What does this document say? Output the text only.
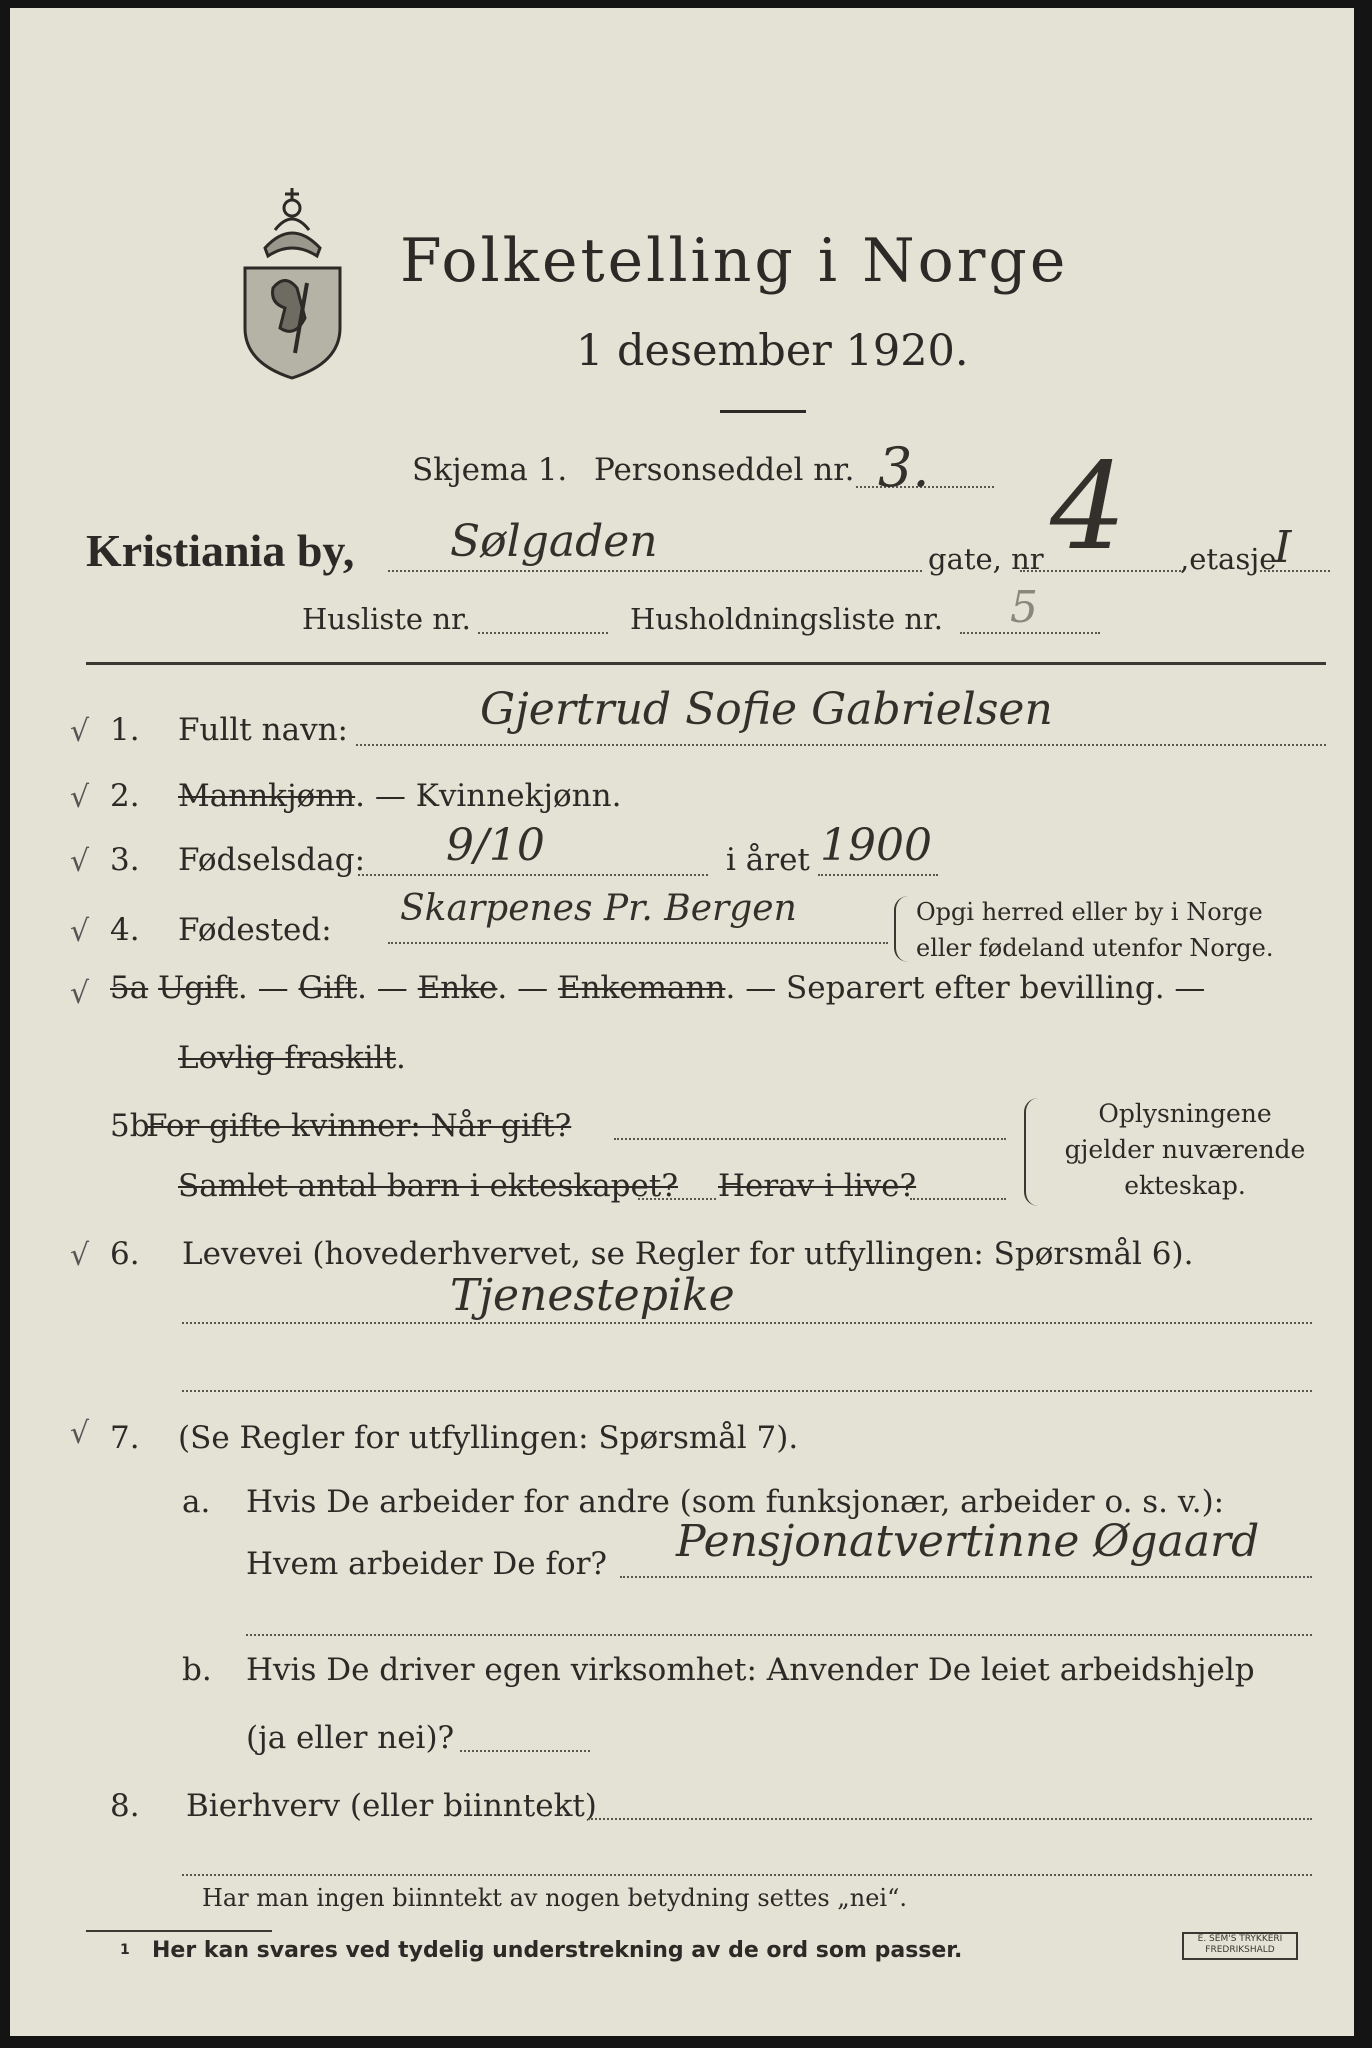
Folketelling i Norge
1 desember 1920.
Skjema 1. Personseddel nr. 3.
Kristiania by, Sølgaden	gate, nr 4 ,etasje
I
Husliste nr.	Husholdningsliste nr. 5
√ 1. Fullt navn:	Gjertrud Sofie Gabrielsen
√ 2. Mannkjønn. — Kvinnekjønn.
√ 3. Fødselsdag: 9/10	i året 1900
√ 4. Fødested:
Skarpenes Pr. Bergen	Opgi herred eller by i Norge
eller fødeland utenfor Norge.
√ 5a Ugift. — Gift. — Enke. — Enkemann. — Separert efter bevilling. —
Lovlig fraskilt.
5b
For gifte kvinner: Når gift?
Samlet antal barn i ekteskapet? Herav i live?
Oplysningene
gjelder nuværende
ekteskap.
√ 6. Levevei (hovederhvervet, se Regler for utfyllingen: Spørsmål 6).
Tjenestepike
√ 7. (Se Regler for utfyllingen: Spørsmål 7).
a. Hvis De arbeider for andre (som funksjonær, arbeider o. s. v.):
Hvem arbeider De for? Pensjonatvertinne Øgaard
b. Hvis De driver egen virksomhet: Anvender De leiet arbeidshjelp
(ja eller nei)?
8. Bierhverv (eller biinntekt)
Har man ingen biinntekt av nogen betydning settes „nei“.
1 Her kan svares ved tydelig understrekning av de ord som passer.	E. SEM'S TRYKKERI
FREDRIKSHALD
